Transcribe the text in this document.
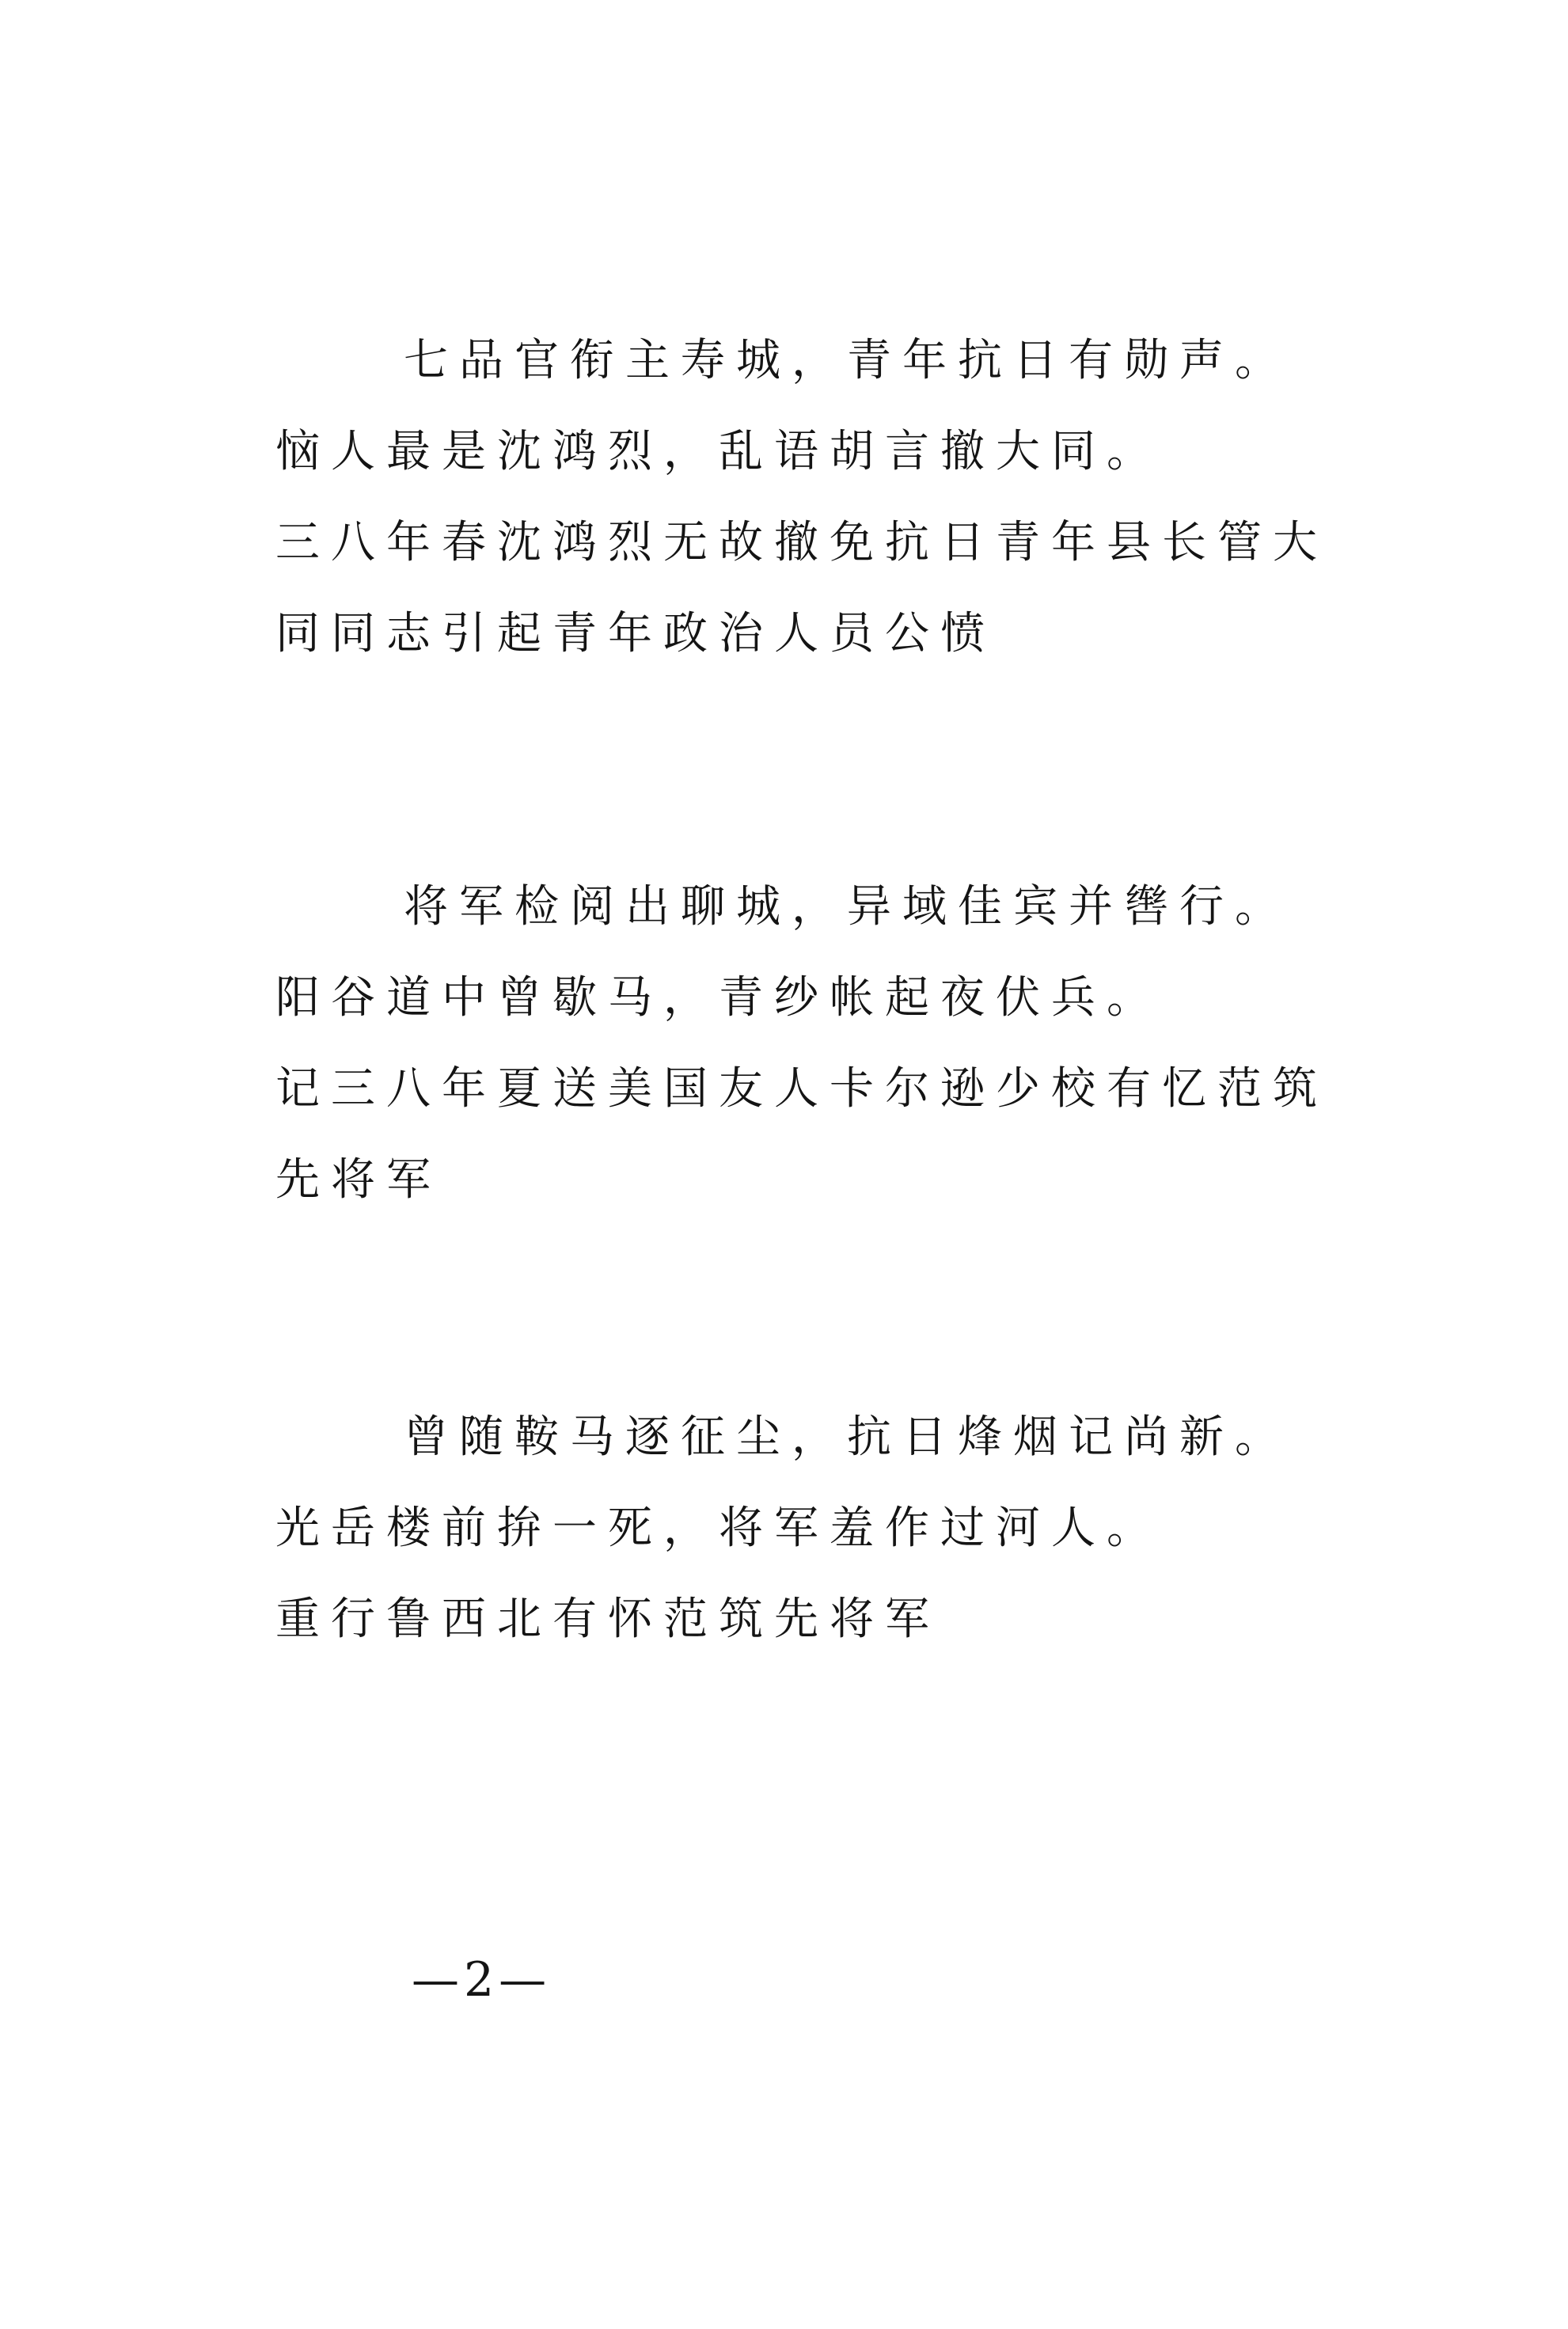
七品官衔主寿城，青年抗日有勋声。
恼人最是沈鸿烈，乱语胡言撤大同。
三八年春沈鸿烈无故撤免抗日青年县长管大
同同志引起青年政治人员公愤
将军检阅出聊城，异域佳宾并辔行。
阳谷道中曾歇马，青纱帐起夜伏兵。
记三八年夏送美国友人卡尔逊少校有忆范筑
先将军
曾随鞍马逐征尘，抗日烽烟记尚新。
光岳楼前拚一死，将军羞作过河人。
重行鲁西北有怀范筑先将军
—2—
